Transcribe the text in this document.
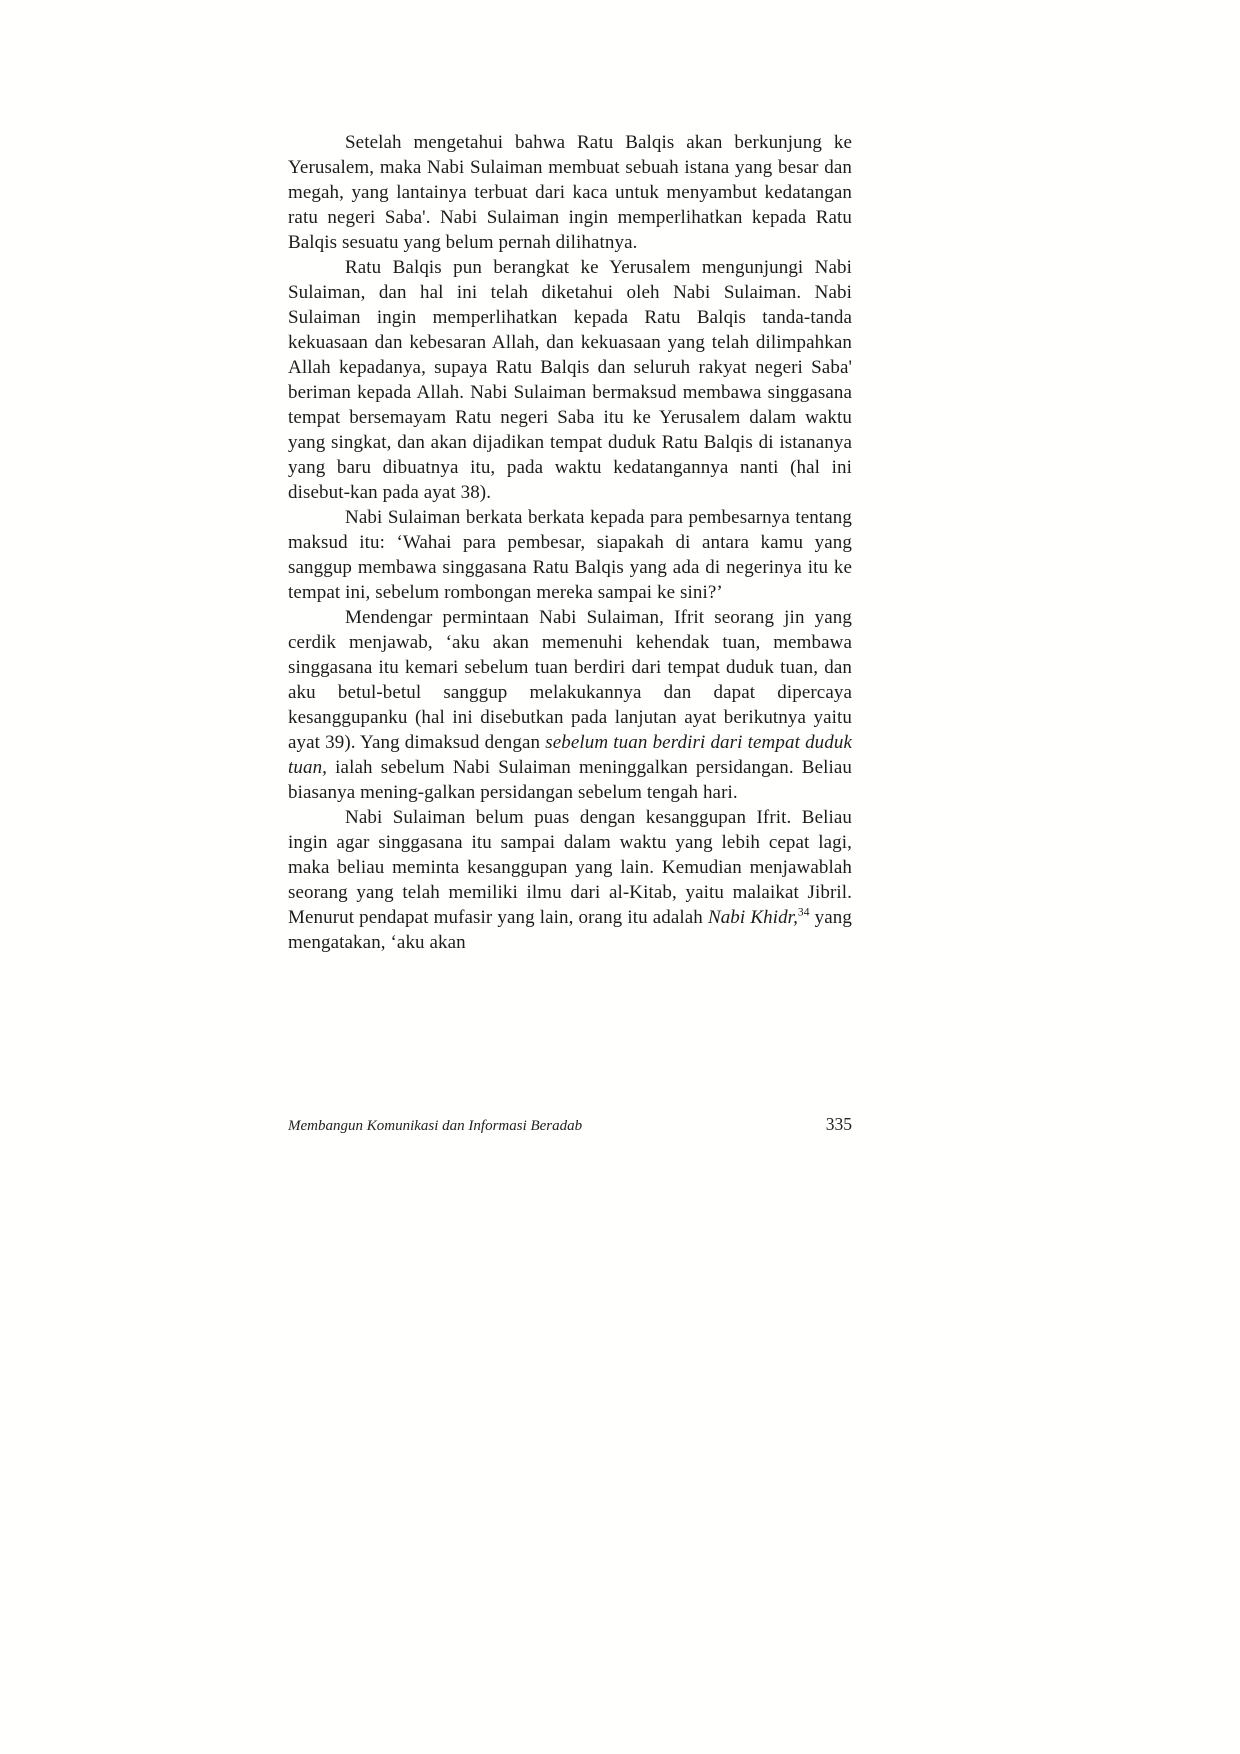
Setelah mengetahui bahwa Ratu Balqis akan berkunjung ke Yerusalem, maka Nabi Sulaiman membuat sebuah istana yang besar dan megah, yang lantainya terbuat dari kaca untuk menyambut kedatangan ratu negeri Saba'. Nabi Sulaiman ingin memperlihatkan kepada Ratu Balqis sesuatu yang belum pernah dilihatnya.

Ratu Balqis pun berangkat ke Yerusalem mengunjungi Nabi Sulaiman, dan hal ini telah diketahui oleh Nabi Sulaiman. Nabi Sulaiman ingin memperlihatkan kepada Ratu Balqis tanda-tanda kekuasaan dan kebesaran Allah, dan kekuasaan yang telah dilimpahkan Allah kepadanya, supaya Ratu Balqis dan seluruh rakyat negeri Saba' beriman kepada Allah. Nabi Sulaiman bermaksud membawa singgasana tempat bersemayam Ratu negeri Saba itu ke Yerusalem dalam waktu yang singkat, dan akan dijadikan tempat duduk Ratu Balqis di istananya yang baru dibuatnya itu, pada waktu kedatangannya nanti (hal ini disebut-kan pada ayat 38).

Nabi Sulaiman berkata berkata kepada para pembesarnya tentang maksud itu: ‘Wahai para pembesar, siapakah di antara kamu yang sanggup membawa singgasana Ratu Balqis yang ada di negerinya itu ke tempat ini, sebelum rombongan mereka sampai ke sini?’

Mendengar permintaan Nabi Sulaiman, Ifrit seorang jin yang cerdik menjawab, ‘aku akan memenuhi kehendak tuan, membawa singgasana itu kemari sebelum tuan berdiri dari tempat duduk tuan, dan aku betul-betul sanggup melakukannya dan dapat dipercaya kesanggupanku (hal ini disebutkan pada lanjutan ayat berikutnya yaitu ayat 39). Yang dimaksud dengan sebelum tuan berdiri dari tempat duduk tuan, ialah sebelum Nabi Sulaiman meninggalkan persidangan. Beliau biasanya mening-galkan persidangan sebelum tengah hari.

Nabi Sulaiman belum puas dengan kesanggupan Ifrit. Beliau ingin agar singgasana itu sampai dalam waktu yang lebih cepat lagi, maka beliau meminta kesanggupan yang lain. Kemudian menjawablah seorang yang telah memiliki ilmu dari al-Kitab, yaitu malaikat Jibril. Menurut pendapat mufasir yang lain, orang itu adalah Nabi Khidr,$^{34}$ yang mengatakan, ‘aku akan

Membangun Komunikasi dan Informasi Beradab	335
